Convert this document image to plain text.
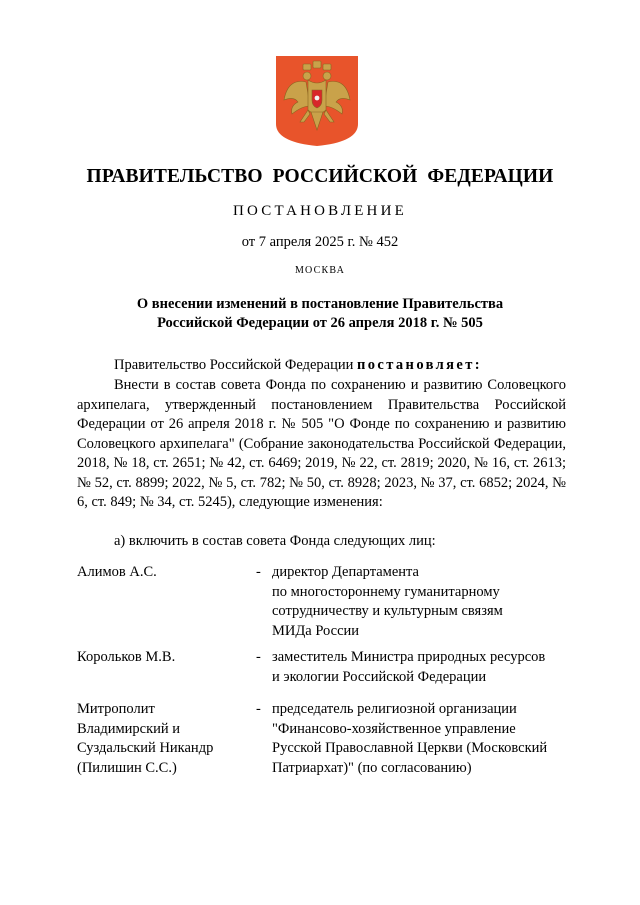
ПРАВИТЕЛЬСТВО РОССИЙСКОЙ ФЕДЕРАЦИИ
ПОСТАНОВЛЕНИЕ
от 7 апреля 2025 г. № 452
МОСКВА
О внесении изменений в постановление Правительства
Российской Федерации от 26 апреля 2018 г. № 505
Правительство Российской Федерации постановляет:
Внести в состав совета Фонда по сохранению и развитию Соловецкого архипелага, утвержденный постановлением Правительства Российской Федерации от 26 апреля 2018 г. № 505 "О Фонде по сохранению и развитию Соловецкого архипелага" (Собрание законодательства Российской Федерации, 2018, № 18, ст. 2651; № 42, ст. 6469; 2019, № 22, ст. 2819; 2020, № 16, ст. 2613; № 52, ст. 8899; 2022, № 5, ст. 782; № 50, ст. 8928; 2023, № 37, ст. 6852; 2024, № 6, ст. 849; № 34, ст. 5245), следующие изменения:
а) включить в состав совета Фонда следующих лиц:
Алимов А.С.	- директор Департамента
по многостороннему гуманитарному
сотрудничеству и культурным связям
МИДа России
Корольков М.В.	- заместитель Министра природных ресурсов
и экологии Российской Федерации
Митрополит
Владимирский и
Суздальский Никандр
(Пилишин С.С.)
- председатель религиозной организации
"Финансово-хозяйственное управление
Русской Православной Церкви (Московский
Патриархат)" (по согласованию)
